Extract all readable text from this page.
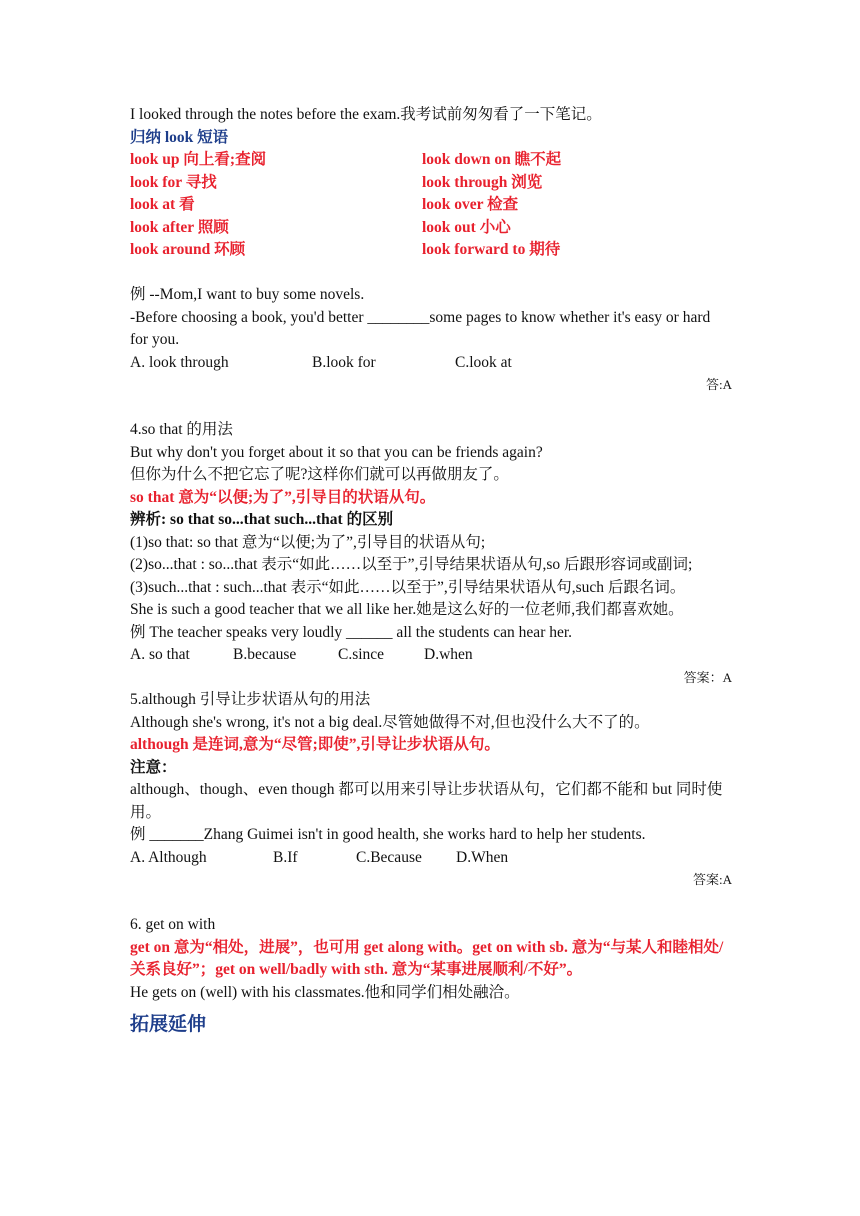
I looked through the notes before the exam.我考试前匆匆看了一下笔记。
归纳 look 短语
look up 向上看;查阅	look down on 瞧不起
look for 寻找	look through 浏览
look at 看	look over 检查
look after 照顾	look out 小心
look around 环顾	look forward to 期待
例 --Mom,I want to buy some novels.
-Before choosing a book, you'd better ________some pages to know whether it's easy or hard for you.
A. look through	B.look for	C.look at
答:A
4.so that 的用法
But why don't you forget about it so that you can be friends again?
但你为什么不把它忘了呢?这样你们就可以再做朋友了。
so that 意为“以便;为了”,引导目的状语从句。
辨析: so that so...that such...that 的区别
(1)so that: so that 意为“以便;为了”,引导目的状语从句;
(2)so...that : so...that 表示“如此……以至于”,引导结果状语从句,so 后跟形容词或副词;
(3)such...that : such...that 表示“如此……以至于”,引导结果状语从句,such 后跟名词。
She is such a good teacher that we all like her.她是这么好的一位老师,我们都喜欢她。
例 The teacher speaks very loudly ______ all the students can hear her.
A. so that	B.because	C.since	D.when
答案：A
5.although 引导让步状语从句的用法
Although she's wrong, it's not a big deal.尽管她做得不对,但也没什么大不了的。
although 是连词,意为“尽管;即使”,引导让步状语从句。
注意：
although、though、even though 都可以用来引导让步状语从句，它们都不能和 but 同时使用。
例 _______Zhang Guimei isn't in good health, she works hard to help her students.
A. Although	B.If	C.Because	D.When
答案:A
6. get on with
get on 意为“相处，进展”，也可用 get along with。get on with sb. 意为“与某人和睦相处/关系良好”；get on well/badly with sth. 意为“某事进展顺利/不好”。
He gets on (well) with his classmates.他和同学们相处融洽。
拓展延伸
